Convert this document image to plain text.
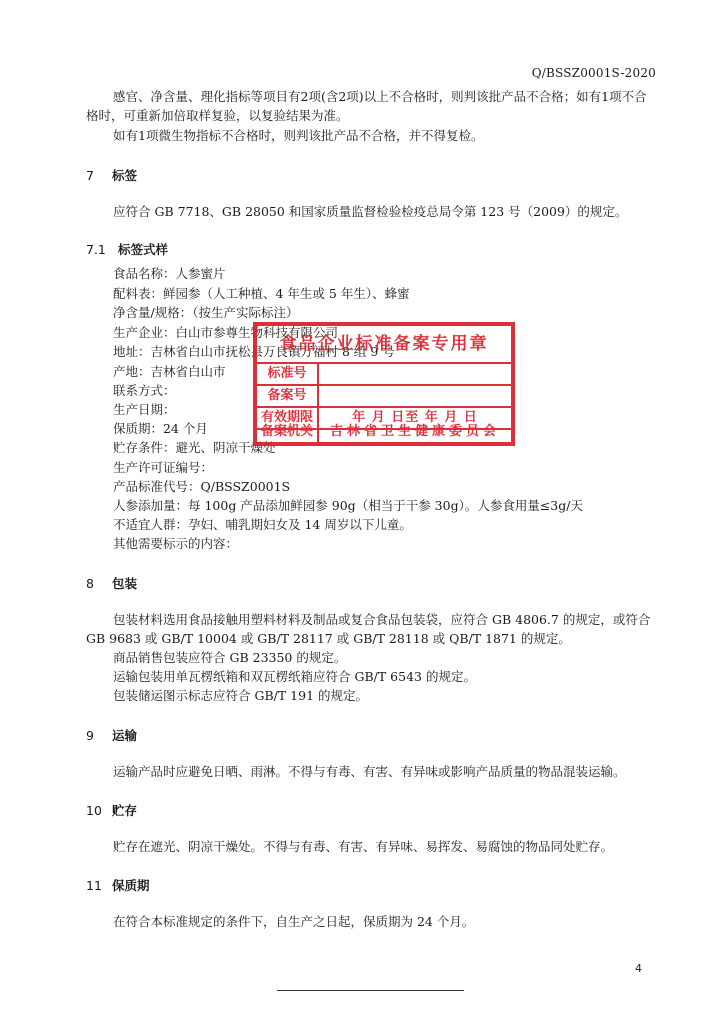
Q/BSSZ0001S-2020
感官、净含量、理化指标等项目有2项(含2项)以上不合格时，则判该批产品不合格；如有1项不合
格时，可重新加倍取样复验，以复验结果为准。
如有1项微生物指标不合格时，则判该批产品不合格，并不得复检。
7 标签
应符合 GB 7718、GB 28050 和国家质量监督检验检疫总局令第 123 号（2009）的规定。
7.1 标签式样
食品名称：人参蜜片
配料表：鲜园参（人工种植、4 年生或 5 年生）、蜂蜜
净含量/规格：（按生产实际标注）
生产企业：白山市参尊生物科技有限公司
地址：吉林省白山市抚松县万良镇万福村 8 组 9 号
产地：吉林省白山市
联系方式：
生产日期：
保质期：24 个月
贮存条件：避光、阴凉干燥处
生产许可证编号：
产品标准代号：Q/BSSZ0001S
人参添加量：每 100g 产品添加鲜园参 90g（相当于干参 30g）。人参食用量≤3g/天
不适宜人群：孕妇、哺乳期妇女及 14 周岁以下儿童。
其他需要标示的内容：
8 包装
包装材料选用食品接触用塑料材料及制品或复合食品包装袋，应符合 GB 4806.7 的规定，或符合
GB 9683 或 GB/T 10004 或 GB/T 28117 或 GB/T 28118 或 QB/T 1871 的规定。
商品销售包装应符合 GB 23350 的规定。
运输包装用单瓦楞纸箱和双瓦楞纸箱应符合 GB/T 6543 的规定。
包装储运图示标志应符合 GB/T 191 的规定。
9 运输
运输产品时应避免日晒、雨淋。不得与有毒、有害、有异味或影响产品质量的物品混装运输。
10 贮存
贮存在遮光、阴凉干燥处。不得与有毒、有害、有异味、易挥发、易腐蚀的物品同处贮存。
11 保质期
在符合本标准规定的条件下，自生产之日起，保质期为 24 个月。
食品企业标准备案专用章
标准号
备案号
有效期限	年 月 日至 年 月 日
备案机关	吉林省卫生健康委员会
4
